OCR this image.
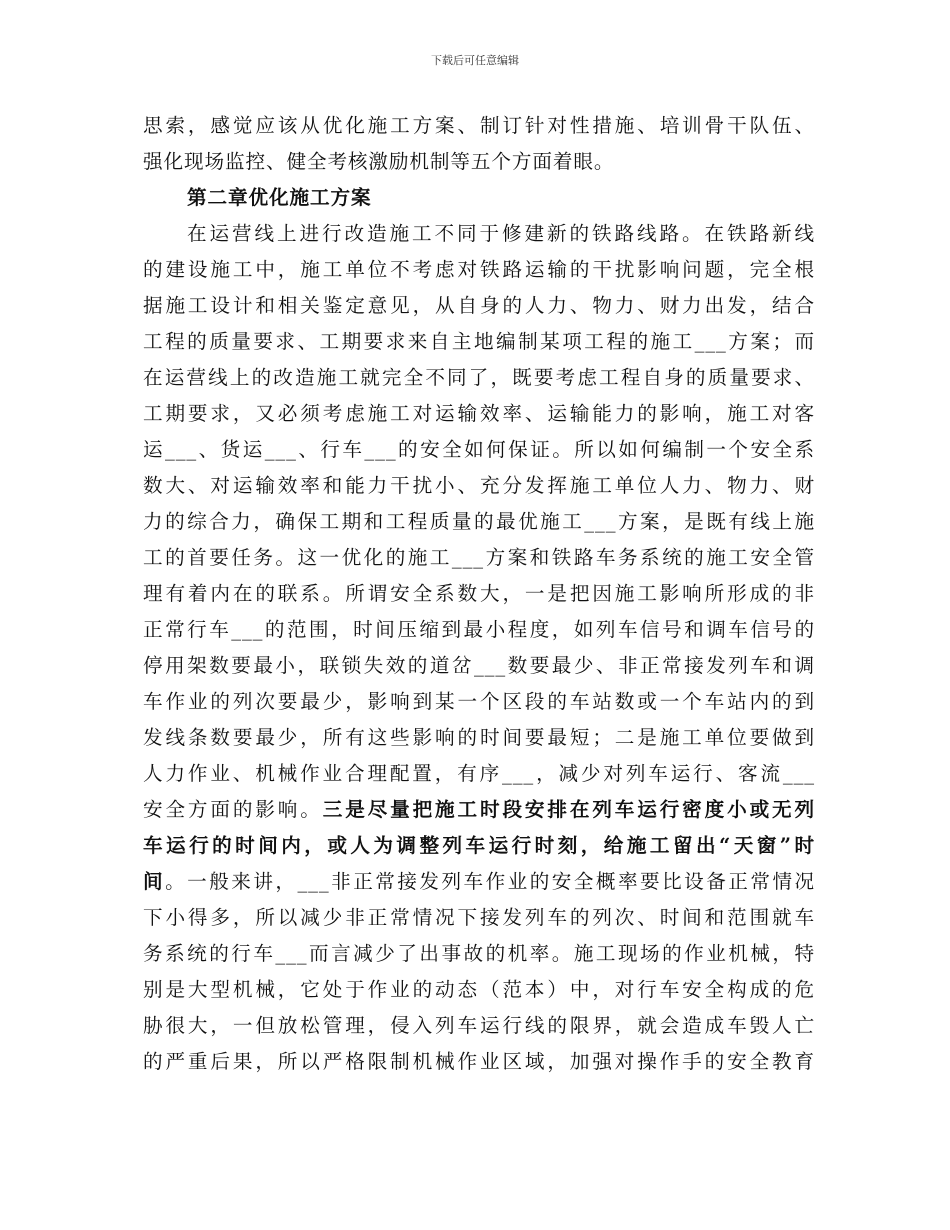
下载后可任意编辑
思索，感觉应该从优化施工方案、制订针对性措施、培训骨干队伍、
强化现场监控、健全考核激励机制等五个方面着眼。
第二章优化施工方案
在运营线上进行改造施工不同于修建新的铁路线路。在铁路新线
的建设施工中，施工单位不考虑对铁路运输的干扰影响问题，完全根
据施工设计和相关鉴定意见，从自身的人力、物力、财力出发，结合
工程的质量要求、工期要求来自主地编制某项工程的施工___方案；而
在运营线上的改造施工就完全不同了，既要考虑工程自身的质量要求、
工期要求，又必须考虑施工对运输效率、运输能力的影响，施工对客
运___、货运___、行车___的安全如何保证。所以如何编制一个安全系
数大、对运输效率和能力干扰小、充分发挥施工单位人力、物力、财
力的综合力，确保工期和工程质量的最优施工___方案，是既有线上施
工的首要任务。这一优化的施工___方案和铁路车务系统的施工安全管
理有着内在的联系。所谓安全系数大，一是把因施工影响所形成的非
正常行车___的范围，时间压缩到最小程度，如列车信号和调车信号的
停用架数要最小，联锁失效的道岔___数要最少、非正常接发列车和调
车作业的列次要最少，影响到某一个区段的车站数或一个车站内的到
发线条数要最少，所有这些影响的时间要最短；二是施工单位要做到
人力作业、机械作业合理配置，有序___，减少对列车运行、客流___
安全方面的影响。三是尽量把施工时段安排在列车运行密度小或无列
车运行的时间内，或人为调整列车运行时刻，给施工留出“天窗”时
间。一般来讲，___非正常接发列车作业的安全概率要比设备正常情况
下小得多，所以减少非正常情况下接发列车的列次、时间和范围就车
务系统的行车___而言减少了出事故的机率。施工现场的作业机械，特
别是大型机械，它处于作业的动态（范本）中，对行车安全构成的危
胁很大，一但放松管理，侵入列车运行线的限界，就会造成车毁人亡
的严重后果，所以严格限制机械作业区域，加强对操作手的安全教育
